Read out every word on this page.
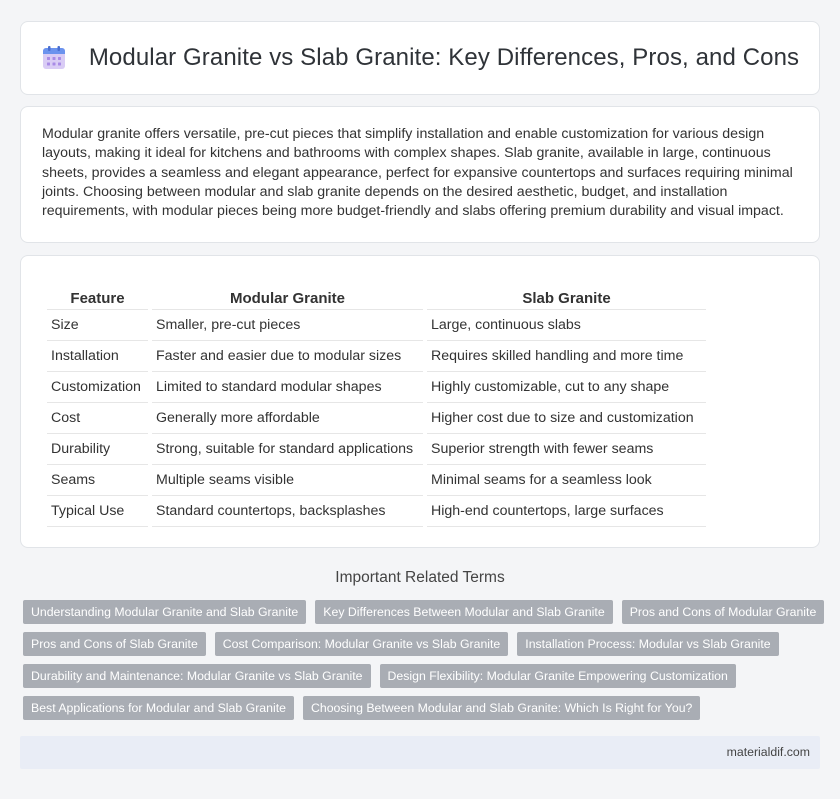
Modular Granite vs Slab Granite: Key Differences, Pros, and Cons

Modular granite offers versatile, pre-cut pieces that simplify installation and enable customization for various design layouts, making it ideal for kitchens and bathrooms with complex shapes. Slab granite, available in large, continuous sheets, provides a seamless and elegant appearance, perfect for expansive countertops and surfaces requiring minimal joints. Choosing between modular and slab granite depends on the desired aesthetic, budget, and installation requirements, with modular pieces being more budget-friendly and slabs offering premium durability and visual impact.

Feature	Modular Granite	Slab Granite
Size	Smaller, pre-cut pieces	Large, continuous slabs
Installation	Faster and easier due to modular sizes	Requires skilled handling and more time
Customization	Limited to standard modular shapes	Highly customizable, cut to any shape
Cost	Generally more affordable	Higher cost due to size and customization
Durability	Strong, suitable for standard applications	Superior strength with fewer seams
Seams	Multiple seams visible	Minimal seams for a seamless look
Typical Use	Standard countertops, backsplashes	High-end countertops, large surfaces
Important Related Terms
Understanding Modular Granite and Slab Granite	Key Differences Between Modular and Slab Granite	Pros and Cons of Modular Granite
Pros and Cons of Slab Granite	Cost Comparison: Modular Granite vs Slab Granite	Installation Process: Modular vs Slab Granite
Durability and Maintenance: Modular Granite vs Slab Granite	Design Flexibility: Modular Granite Empowering Customization
Best Applications for Modular and Slab Granite	Choosing Between Modular and Slab Granite: Which Is Right for You?
materialdif.com
